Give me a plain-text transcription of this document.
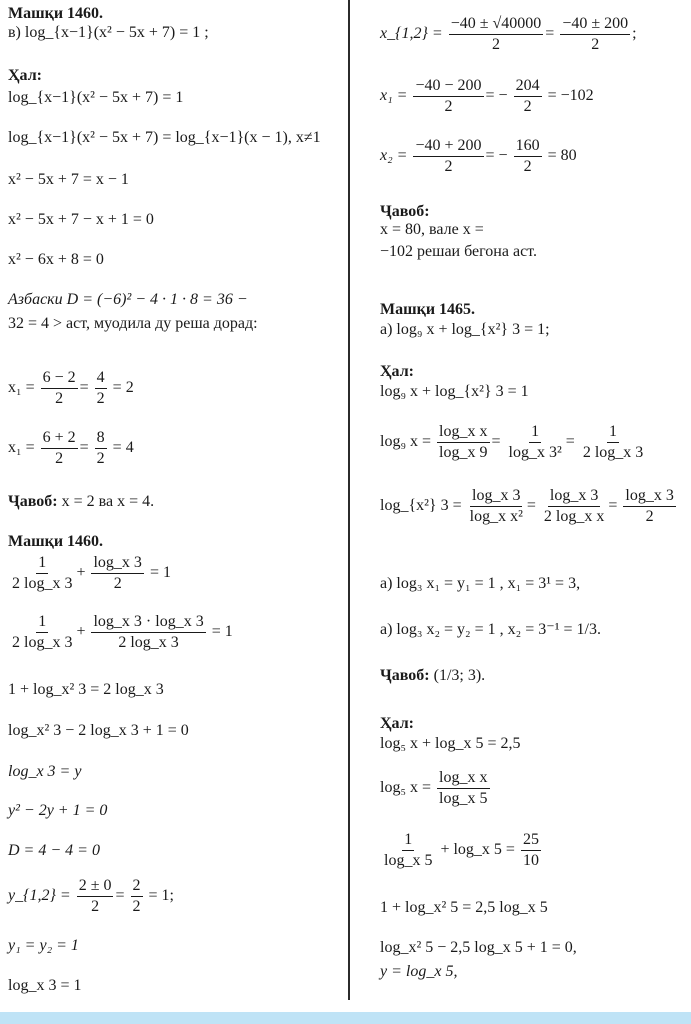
Машқи 1460.
в) log_{x−1}(x² − 5x + 7) = 1 ;
Ҳал:
log_{x−1}(x² − 5x + 7) = 1
log_{x−1}(x² − 5x + 7) = log_{x−1}(x − 1), x≠1
x² − 5x + 7 = x − 1
x² − 5x + 7 − x + 1 = 0
x² − 6x + 8 = 0
Азбаски D = (−6)² − 4 · 1 · 8 = 36 −
32 = 4 > аст, муодила ду реша дорад:
$x_1 = \frac{6 - 2}{2} = \frac{4}{2} = 2$
$x_1 = \frac{6 + 2}{2} = \frac{8}{2} = 4$
Ҷавоб: x = 2 ва x = 4.
Машқи 1460.
$\frac{1}{2 \log\_x 3} + \frac{\log\_x 3}{2} = 1$
$\frac{1}{2 \log\_x 3} + \frac{\log\_x 3 \cdot \log\_x 3}{2 \log\_x 3} = 1$
1 + log_x² 3 = 2 log_x 3
log_x² 3 − 2 log_x 3 + 1 = 0
log_x 3 = y
y² − 2y + 1 = 0
D = 4 − 4 = 0
y_{1,2} = $\frac{2 \pm 0}{2} = \frac{2}{2} = 1$;
y₁ = y₂ = 1
log_x 3 = 1
x_{1,2} = $\frac{-40 \pm √40000}{2} = \frac{-40 \pm 200}{2}$ ;
$x_1 = \frac{-40 - 200}{2}$ = − $\frac{204}{2} = -102$
$x_2 = \frac{-40 + 200}{2}$ = − $\frac{160}{2} = 80$
Ҷавоб:
x = 80, вале x =
−102 решаи бегона аст.
Машқи 1465.
а) log₉ x + log_{x²} 3 = 1;
Ҳал:
log₉ x + log_{x²} 3 = 1
log₉ $x = \frac{\text{log\_x x}}{\log\_x 9} = \frac{1}{\text{log\_x 3²}} = \frac{1}{2 \log\_x 3}$
log_{x²} $3 = \frac{\log\_x 3}{\text{log\_x x²}} = \frac{\log\_x 3}{\text{2 log\_x x}} = \frac{\log\_x 3}{2}$
а) log₃ x₁ = y₁ = 1 , x₁ = 3¹ = 3,
а) log₃ x₂ = y₂ = 1 , x₂ = 3⁻¹ = 1/3.
Ҷавоб: (1/3; 3).
Ҳал:
log₅ x + log_x 5 = 2,5
log₅ $x = \frac{\text{log\_x x}}{\log\_x 5}$
$\frac{1}{\log\_x 5}$ + log_x $5 = \frac{25}{10}$
1 + log_x² 5 = 2,5 log_x 5
log_x² 5 − 2,5 log_x 5 + 1 = 0,
y = log_x 5,
